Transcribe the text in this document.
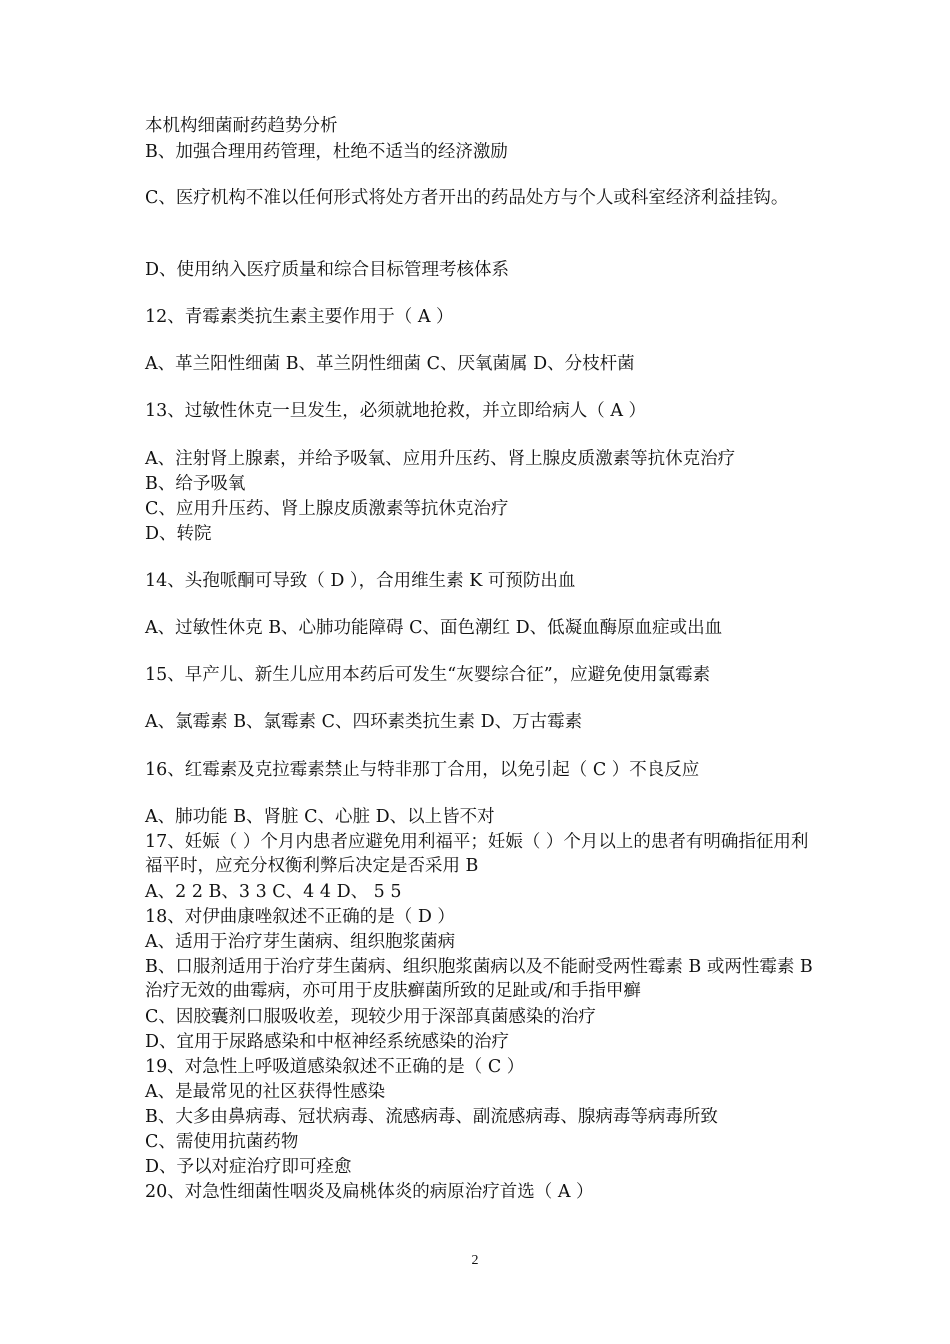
本机构细菌耐药趋势分析
B、加强合理用药管理，杜绝不适当的经济激励
C、医疗机构不准以任何形式将处方者开出的药品处方与个人或科室经济利益挂钩。
D、使用纳入医疗质量和综合目标管理考核体系
12、青霉素类抗生素主要作用于（ A ）
A、革兰阳性细菌 B、革兰阴性细菌 C、厌氧菌属 D、分枝杆菌
13、过敏性休克一旦发生，必须就地抢救，并立即给病人（ A ）
A、注射肾上腺素，并给予吸氧、应用升压药、肾上腺皮质激素等抗休克治疗
B、给予吸氧
C、应用升压药、肾上腺皮质激素等抗休克治疗
D、转院
14、头孢哌酮可导致（ D ），合用维生素 K 可预防出血
A、过敏性休克 B、心肺功能障碍 C、面色潮红 D、低凝血酶原血症或出血
15、早产儿、新生儿应用本药后可发生“灰婴综合征”，应避免使用氯霉素
A、氯霉素 B、氯霉素 C、四环素类抗生素 D、万古霉素
16、红霉素及克拉霉素禁止与特非那丁合用，以免引起（ C ）不良反应
A、肺功能 B、肾脏 C、心脏 D、以上皆不对
17、妊娠（ ）个月内患者应避免用利福平；妊娠（ ）个月以上的患者有明确指征用利福平时，应充分权衡利弊后决定是否采用 B
A、2 2 B、3 3 C、4 4 D、 5 5
18、对伊曲康唑叙述不正确的是（ D ）
A、适用于治疗芽生菌病、组织胞浆菌病
B、口服剂适用于治疗芽生菌病、组织胞浆菌病以及不能耐受两性霉素 B 或两性霉素 B 治疗无效的曲霉病，亦可用于皮肤癣菌所致的足趾或/和手指甲癣
C、因胶囊剂口服吸收差，现较少用于深部真菌感染的治疗
D、宜用于尿路感染和中枢神经系统感染的治疗
19、对急性上呼吸道感染叙述不正确的是（ C ）
A、是最常见的社区获得性感染
B、大多由鼻病毒、冠状病毒、流感病毒、副流感病毒、腺病毒等病毒所致
C、需使用抗菌药物
D、予以对症治疗即可痊愈
20、对急性细菌性咽炎及扁桃体炎的病原治疗首选（ A ）
2
